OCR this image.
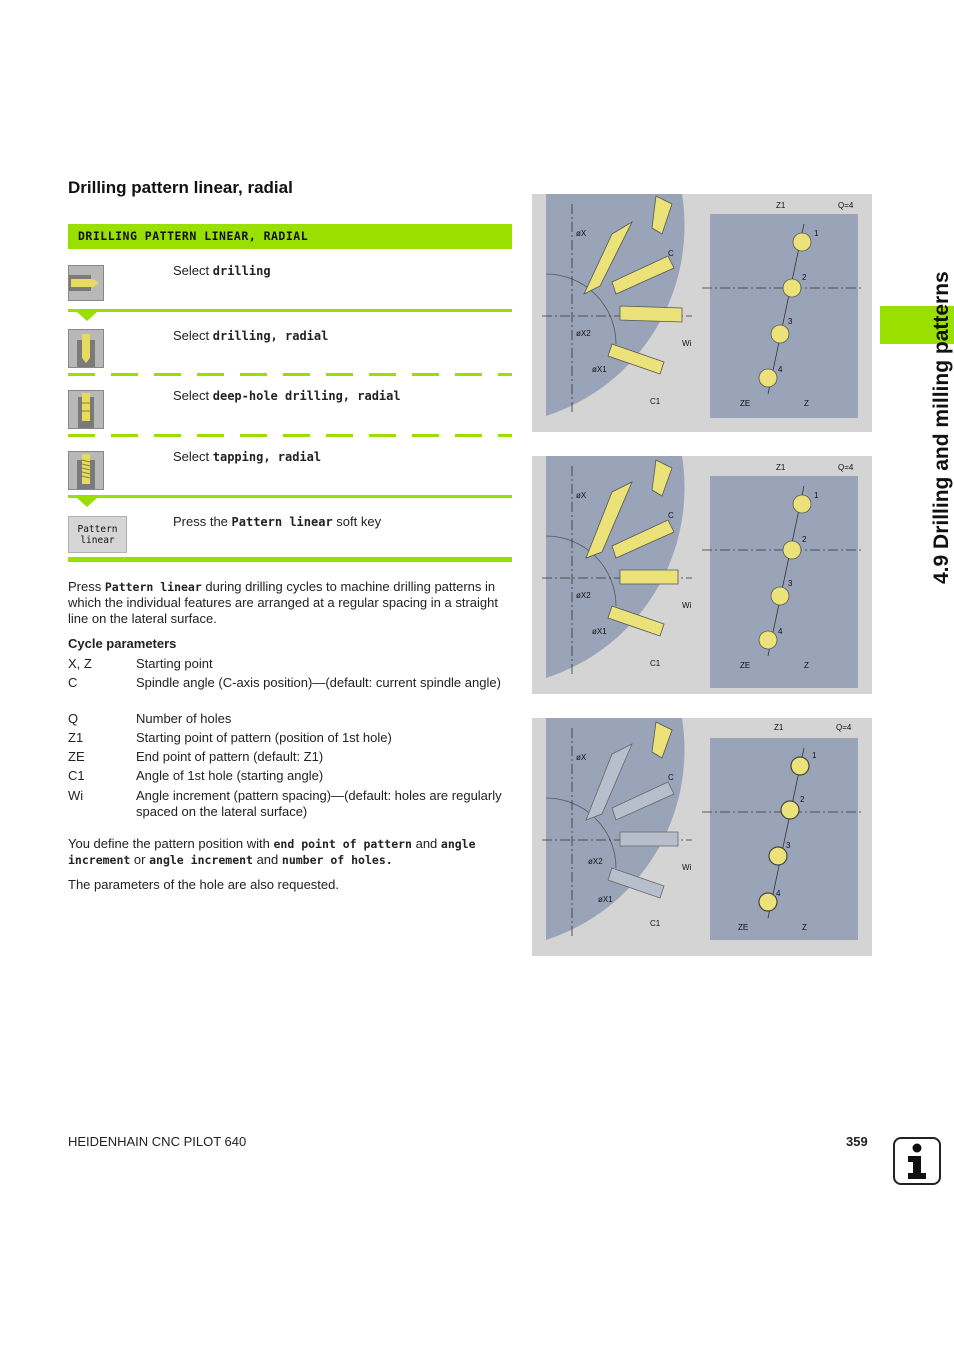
Drilling pattern linear, radial
DRILLING PATTERN LINEAR, RADIAL
Select drilling
Select drilling, radial
Select deep-hole drilling, radial
Select tapping, radial
Pattern
linear
Press the Pattern linear soft key

Press Pattern linear during drilling cycles to machine drilling patterns in which the individual features are arranged at a regular spacing in a straight line on the lateral surface.

Cycle parameters
X, Z	Starting point
C	Spindle angle (C-axis position)—(default: current spindle angle)
Q	Number of holes
Z1	Starting point of pattern (position of 1st hole)
ZE	End point of pattern (default: Z1)
C1	Angle of 1st hole (starting angle)
Wi	Angle increment (pattern spacing)—(default: holes are regularly spaced on the lateral surface)

You define the pattern position with end point of pattern and angle increment or angle increment and number of holes.

The parameters of the hole are also requested.

øX
C
øX2
øX1
Wi
C1
Z1	Q=4
1
2
3
4
ZE	Z
øX
C
øX2
øX1
Wi
C1
Z1	Q=4
1
2
3
4
ZE	Z
øX
C
øX2
øX1
Wi
C1
Z1	Q=4
1
2
3
4
ZE	Z
4.9 Drilling and milling patterns
HEIDENHAIN CNC PILOT 640	359
